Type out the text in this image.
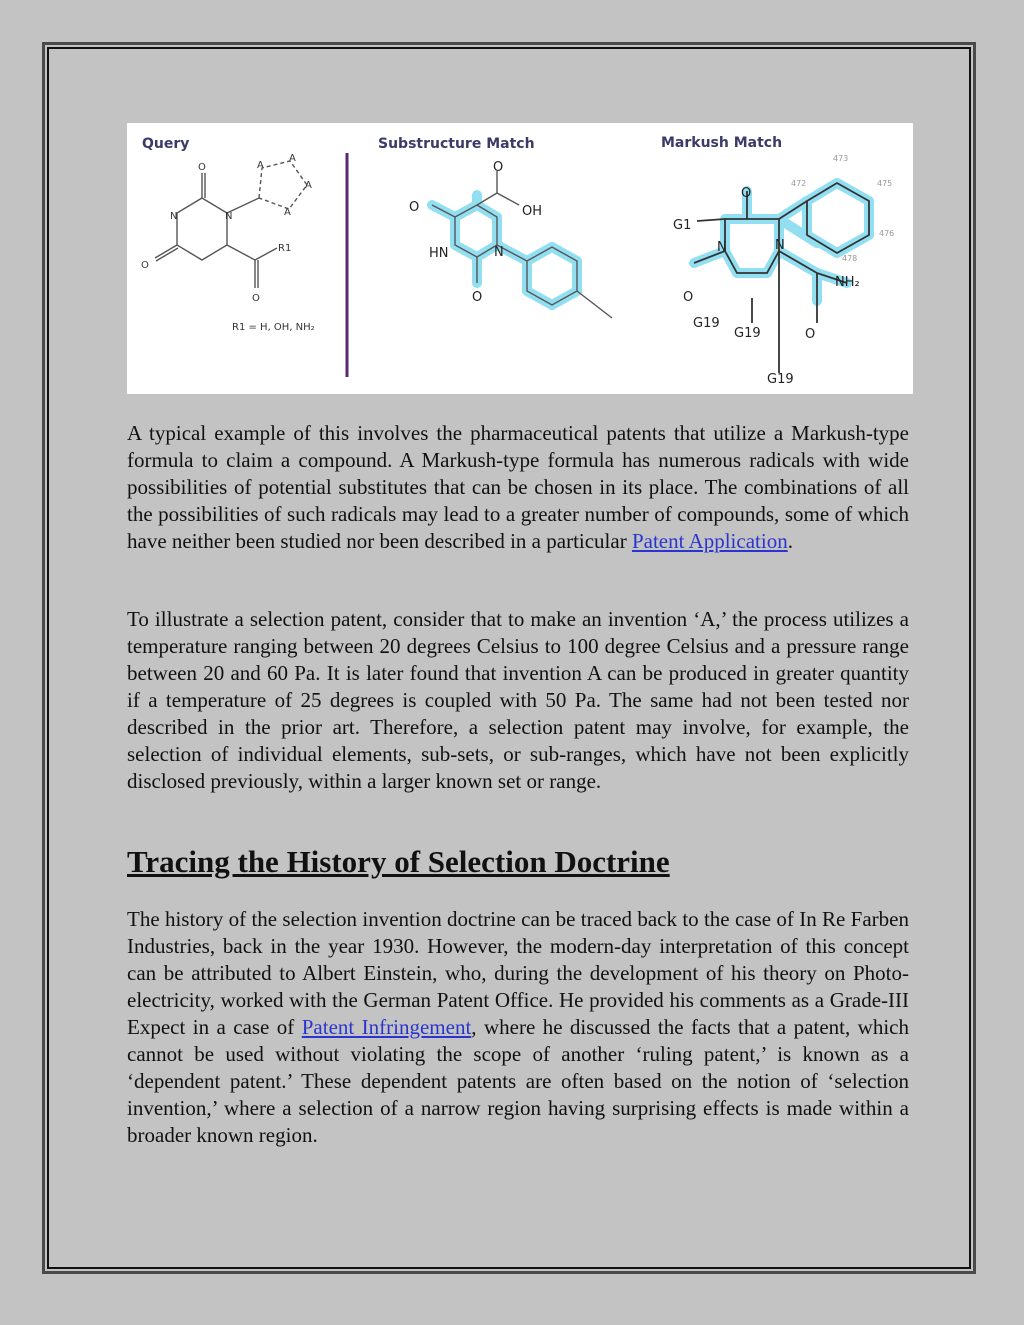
Query	Substructure Match	Markush Match
O
N	N
O
O
R1
A
A
A
A
R1 = H, OH, NH₂
O
O
OH
HN	N
O
O
G1
N	N
O
NH₂
O
G19
G19
G19
473
472	475
476
478

A typical example of this involves the pharmaceutical patents that utilize a Markush-type formula to claim a compound. A Markush-type formula has numerous radicals with wide possibilities of potential substitutes that can be chosen in its place. The combinations of all the possibilities of such radicals may lead to a greater number of compounds, some of which have neither been studied nor been described in a particular Patent Application.

To illustrate a selection patent, consider that to make an invention ‘A,’ the process utilizes a temperature ranging between 20 degrees Celsius to 100 degree Celsius and a pressure range between 20 and 60 Pa. It is later found that invention A can be produced in greater quantity if a temperature of 25 degrees is coupled with 50 Pa. The same had not been tested nor described in the prior art. Therefore, a selection patent may involve, for example, the selection of individual elements, sub-sets, or sub-ranges, which have not been explicitly disclosed previously, within a larger known set or range.

Tracing the History of Selection Doctrine

The history of the selection invention doctrine can be traced back to the case of In Re Farben Industries, back in the year 1930. However, the modern-day interpretation of this concept can be attributed to Albert Einstein, who, during the development of his theory on Photo-electricity, worked with the German Patent Office. He provided his comments as a Grade-III Expect in a case of Patent Infringement, where he discussed the facts that a patent, which cannot be used without violating the scope of another ‘ruling patent,’ is known as a ‘dependent patent.’ These dependent patents are often based on the notion of ‘selection invention,’ where a selection of a narrow region having surprising effects is made within a broader known region.
